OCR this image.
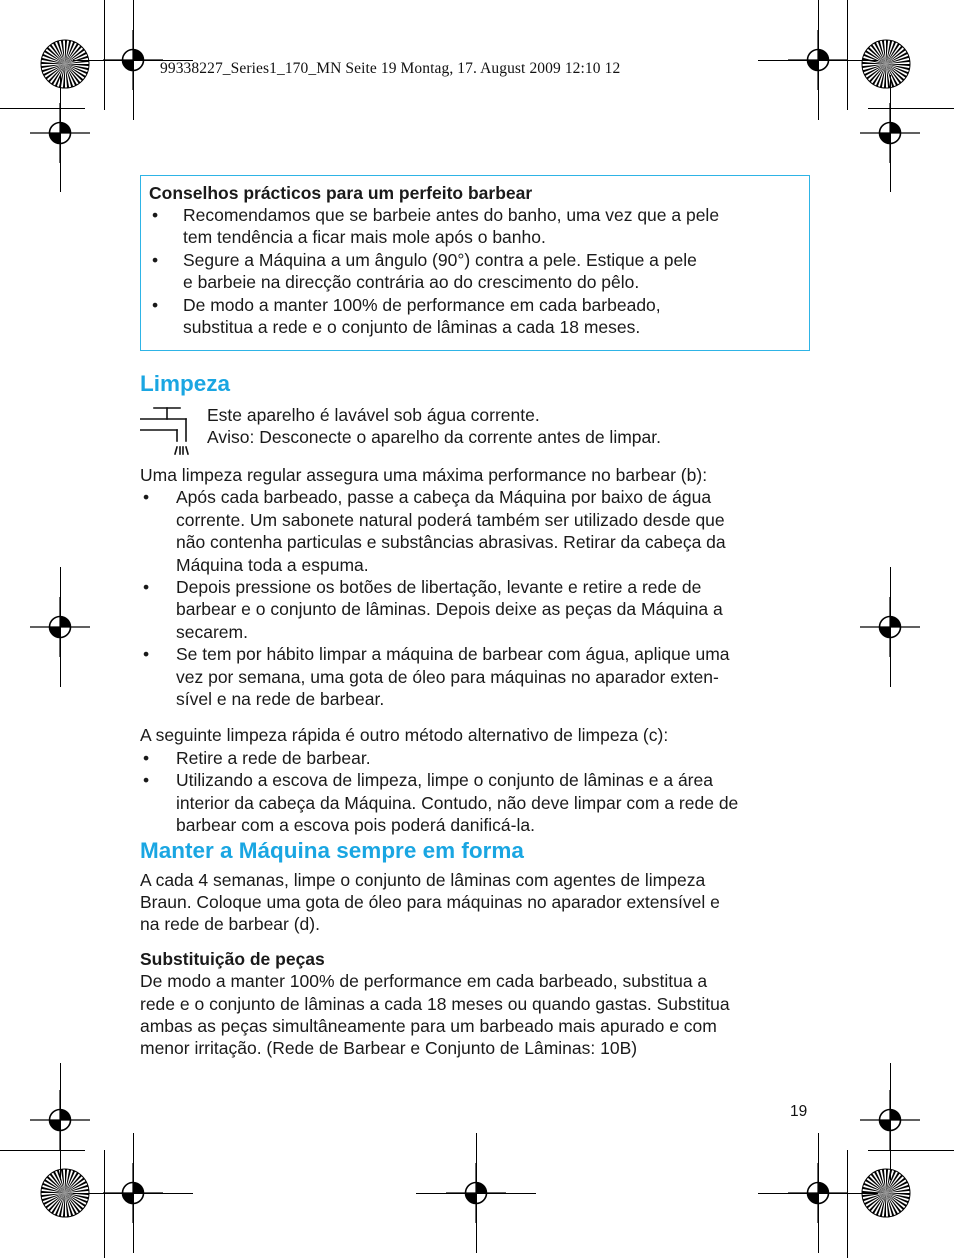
99338227_Series1_170_MN Seite 19 Montag, 17. August 2009 12:10 12
Conselhos prácticos para um perfeito barbear
• Recomendamos que se barbeie antes do banho, uma vez que a pele
tem tendência a ficar mais mole após o banho.
• Segure a Máquina a um ângulo (90°) contra a pele. Estique a pele
e barbeie na direcção contrária ao do crescimento do pêlo.
• De modo a manter 100% de performance em cada barbeado,
substitua a rede e o conjunto de lâminas a cada 18 meses.
Limpeza
Este aparelho é lavável sob água corrente.
Aviso: Desconecte o aparelho da corrente antes de limpar.

Uma limpeza regular assegura uma máxima performance no barbear (b):

• Após cada barbeado, passe a cabeça da Máquina por baixo de água
corrente. Um sabonete natural poderá também ser utilizado desde que
não contenha particulas e substâncias abrasivas. Retirar da cabeça da
Máquina toda a espuma.
• Depois pressione os botões de libertação, levante e retire a rede de
barbear e o conjunto de lâminas. Depois deixe as peças da Máquina a
secarem.
• Se tem por hábito limpar a máquina de barbear com água, aplique uma
vez por semana, uma gota de óleo para máquinas no aparador exten-
sível e na rede de barbear.

A seguinte limpeza rápida é outro método alternativo de limpeza (c):

• Retire a rede de barbear.
• Utilizando a escova de limpeza, limpe o conjunto de lâminas e a área
interior da cabeça da Máquina. Contudo, não deve limpar com a rede de
barbear com a escova pois poderá danificá-la.
Manter a Máquina sempre em forma

A cada 4 semanas, limpe o conjunto de lâminas com agentes de limpeza
Braun. Coloque uma gota de óleo para máquinas no aparador extensível e
na rede de barbear (d).

Substituição de peças

De modo a manter 100% de performance em cada barbeado, substitua a
rede e o conjunto de lâminas a cada 18 meses ou quando gastas. Substitua
ambas as peças simultâneamente para um barbeado mais apurado e com
menor irritação. (Rede de Barbear e Conjunto de Lâminas: 10B)

19
